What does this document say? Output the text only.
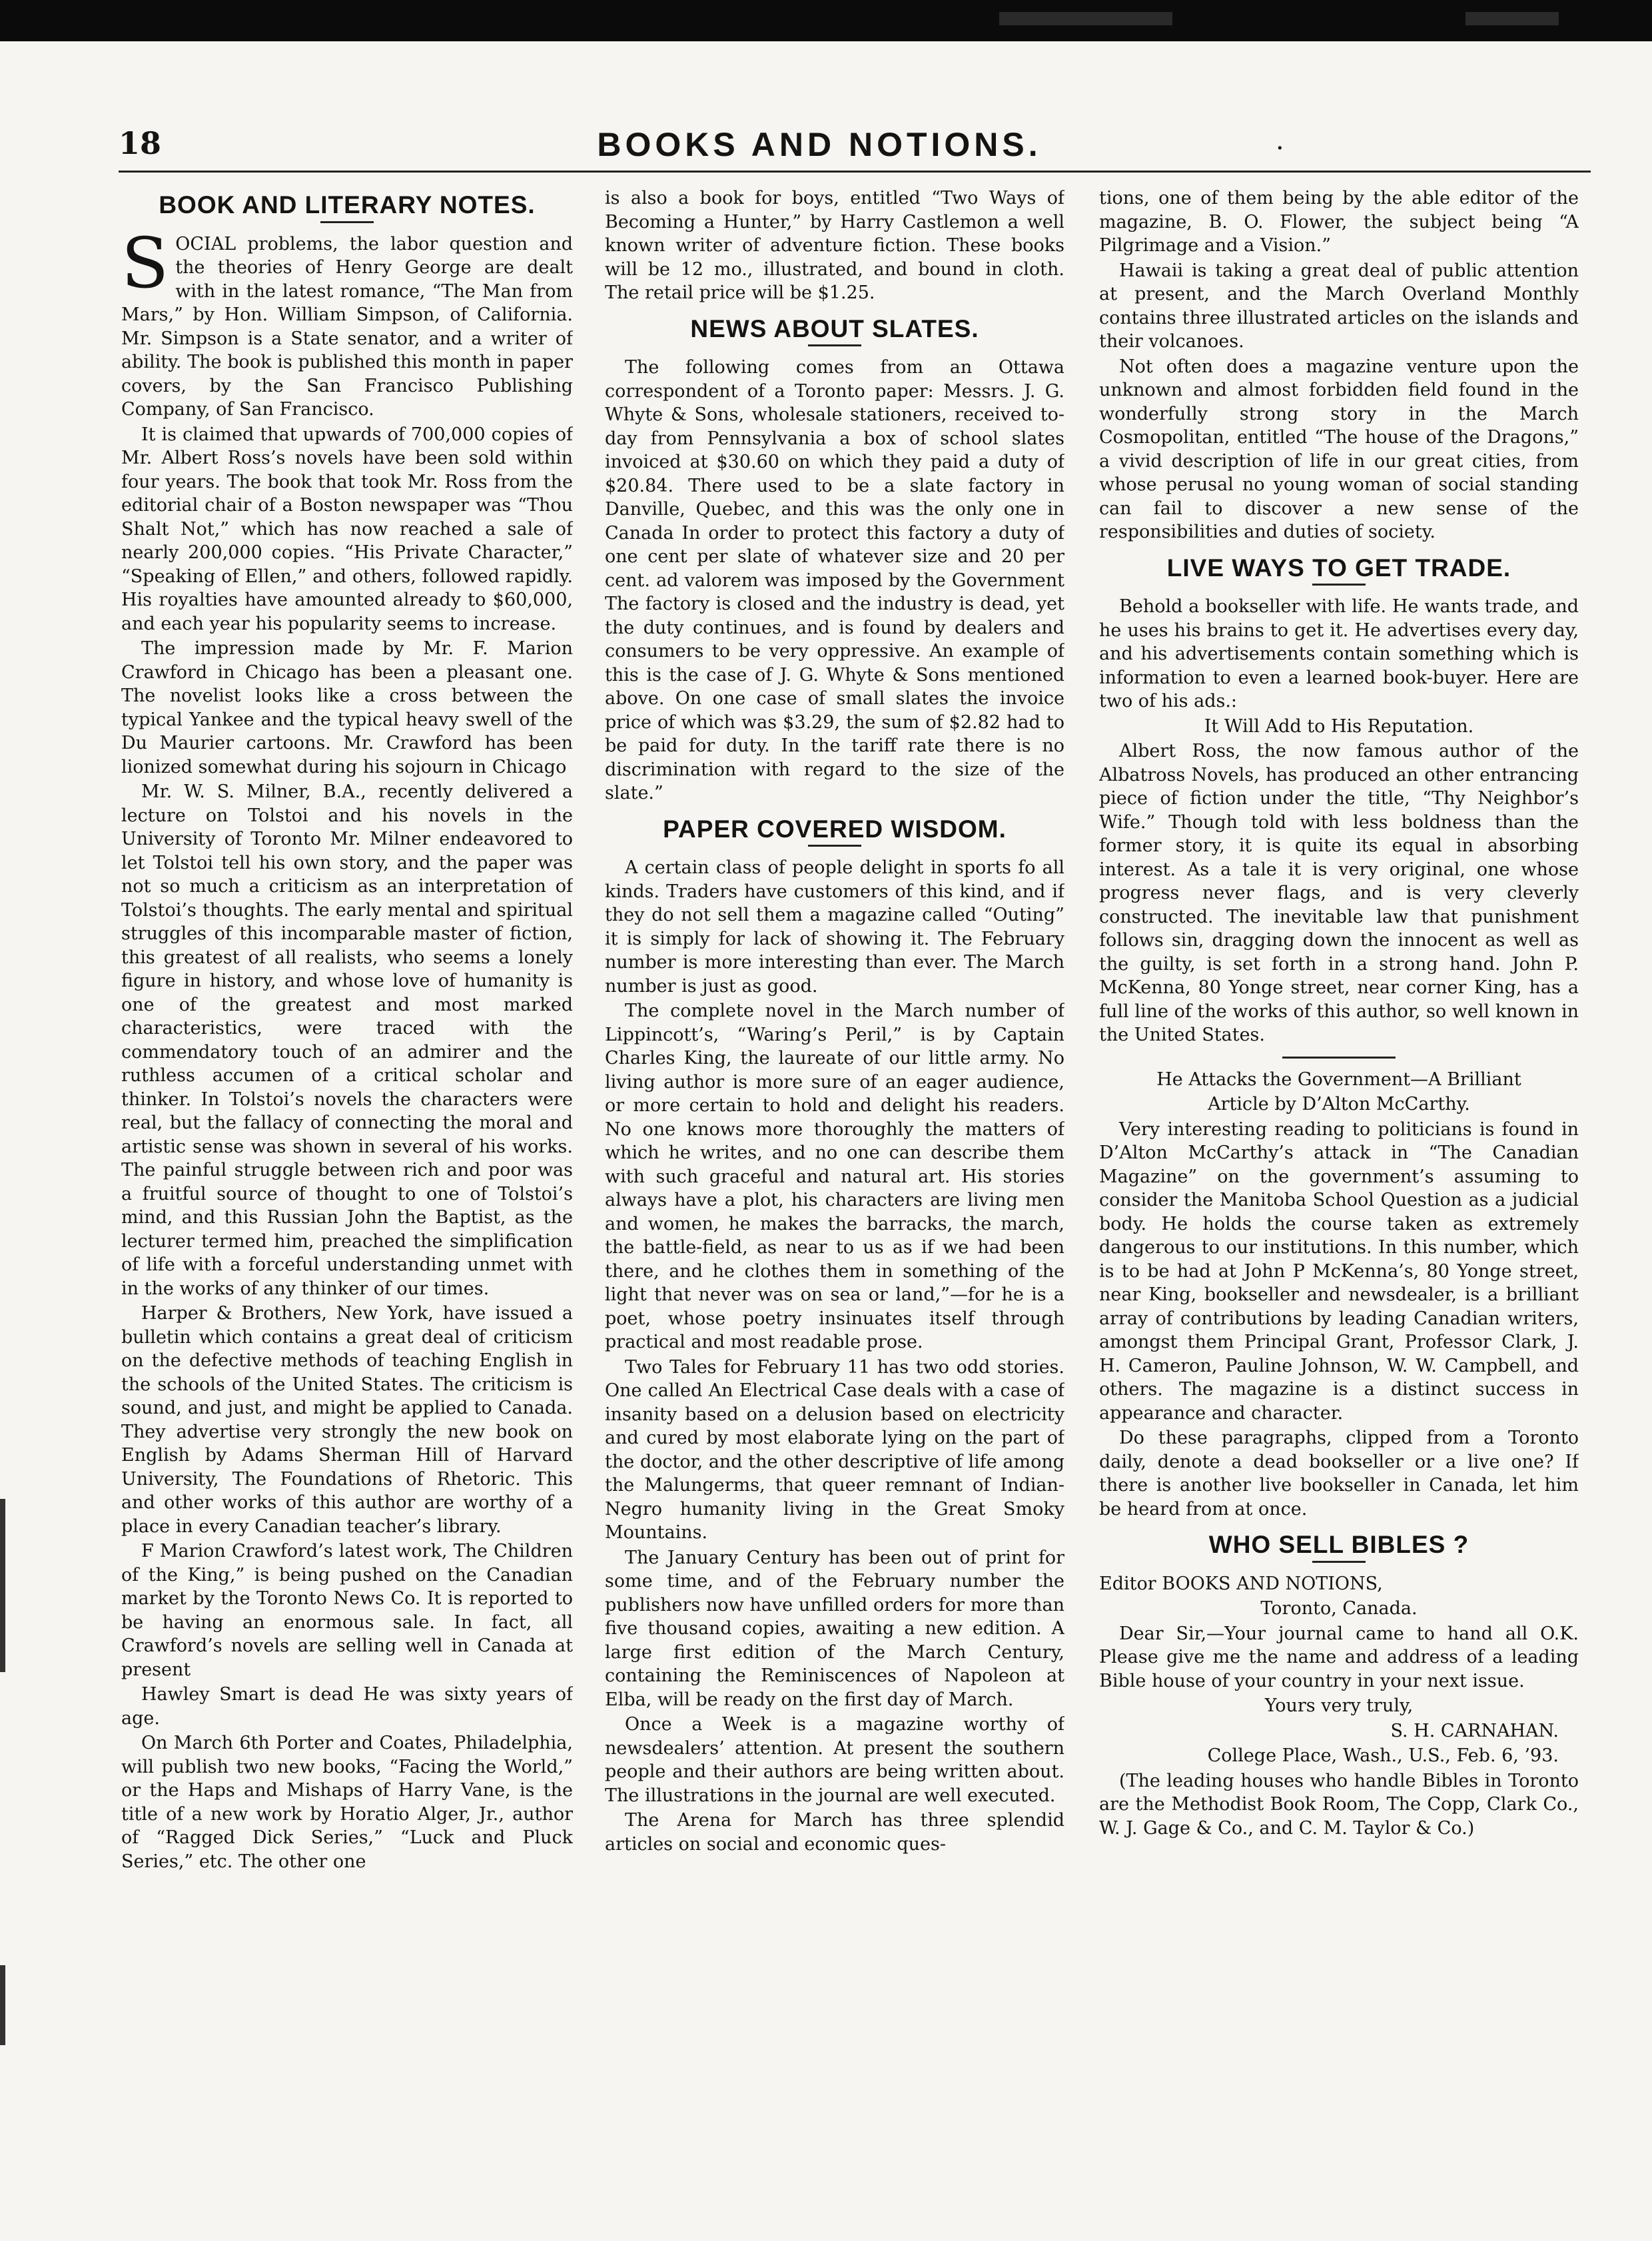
18	BOOKS AND NOTIONS.	·
BOOK AND LITERARY NOTES.

SOCIAL problems, the labor question and the theories of Henry George are dealt with in the latest romance, “The Man from Mars,” by Hon. William Simpson, of California. Mr. Simpson is a State senator, and a writer of ability. The book is published this month in paper covers, by the San Francisco Publishing Company, of San Francisco.

It is claimed that upwards of 700,000 copies of Mr. Albert Ross’s novels have been sold within four years. The book that took Mr. Ross from the editorial chair of a Boston newspaper was “Thou Shalt Not,” which has now reached a sale of nearly 200,000 copies. “His Private Character,” “Speaking of Ellen,” and others, followed rapidly. His royalties have amounted already to $60,000, and each year his popularity seems to increase.

The impression made by Mr. F. Marion Crawford in Chicago has been a pleasant one. The novelist looks like a cross between the typical Yankee and the typical heavy swell of the Du Maurier cartoons. Mr. Crawford has been lionized somewhat during his sojourn in Chicago

Mr. W. S. Milner, B.A., recently delivered a lecture on Tolstoi and his novels in the University of Toronto Mr. Milner endeavored to let Tolstoi tell his own story, and the paper was not so much a criticism as an interpretation of Tolstoi’s thoughts. The early mental and spiritual struggles of this incomparable master of fiction, this greatest of all realists, who seems a lonely figure in history, and whose love of humanity is one of the greatest and most marked characteristics, were traced with the commendatory touch of an admirer and the ruthless accumen of a critical scholar and thinker. In Tolstoi’s novels the characters were real, but the fallacy of connecting the moral and artistic sense was shown in several of his works. The painful struggle between rich and poor was a fruitful source of thought to one of Tolstoi’s mind, and this Russian John the Baptist, as the lecturer termed him, preached the simplification of life with a forceful understanding unmet with in the works of any thinker of our times.

Harper & Brothers, New York, have issued a bulletin which contains a great deal of criticism on the defective methods of teaching English in the schools of the United States. The criticism is sound, and just, and might be applied to Canada. They advertise very strongly the new book on English by Adams Sherman Hill of Harvard University, The Foundations of Rhetoric. This and other works of this author are worthy of a place in every Canadian teacher’s library.

F Marion Crawford’s latest work, The Children of the King,” is being pushed on the Canadian market by the Toronto News Co. It is reported to be having an enormous sale. In fact, all Crawford’s novels are selling well in Canada at present

Hawley Smart is dead He was sixty years of age.

On March 6th Porter and Coates, Philadelphia, will publish two new books, “Facing the World,” or the Haps and Mishaps of Harry Vane, is the title of a new work by Horatio Alger, Jr., author of “Ragged Dick Series,” “Luck and Pluck Series,” etc. The other one

is also a book for boys, entitled “Two Ways of Becoming a Hunter,” by Harry Castlemon a well known writer of adventure fiction. These books will be 12 mo., illustrated, and bound in cloth. The retail price will be $1.25.

NEWS ABOUT SLATES.

The following comes from an Ottawa correspondent of a Toronto paper: Messrs. J. G. Whyte & Sons, wholesale stationers, received to-day from Pennsylvania a box of school slates invoiced at $30.60 on which they paid a duty of $20.84. There used to be a slate factory in Danville, Quebec, and this was the only one in Canada In order to protect this factory a duty of one cent per slate of whatever size and 20 per cent. ad valorem was imposed by the Government The factory is closed and the industry is dead, yet the duty continues, and is found by dealers and consumers to be very oppressive. An example of this is the case of J. G. Whyte & Sons mentioned above. On one case of small slates the invoice price of which was $3.29, the sum of $2.82 had to be paid for duty. In the tariff rate there is no discrimination with regard to the size of the slate.”

PAPER COVERED WISDOM.

A certain class of people delight in sports fo all kinds. Traders have customers of this kind, and if they do not sell them a magazine called “Outing” it is simply for lack of showing it. The February number is more interesting than ever. The March number is just as good.

The complete novel in the March number of Lippincott’s, “Waring’s Peril,” is by Captain Charles King, the laureate of our little army. No living author is more sure of an eager audience, or more certain to hold and delight his readers. No one knows more thoroughly the matters of which he writes, and no one can describe them with such graceful and natural art. His stories always have a plot, his characters are living men and women, he makes the barracks, the march, the battle-field, as near to us as if we had been there, and he clothes them in something of the light that never was on sea or land,”—for he is a poet, whose poetry insinuates itself through practical and most readable prose.

Two Tales for February 11 has two odd stories. One called An Electrical Case deals with a case of insanity based on a delusion based on electricity and cured by most elaborate lying on the part of the doctor, and the other descriptive of life among the Malungerms, that queer remnant of Indian-Negro humanity living in the Great Smoky Mountains.

The January Century has been out of print for some time, and of the February number the publishers now have unfilled orders for more than five thousand copies, awaiting a new edition. A large first edition of the March Century, containing the Reminiscences of Napoleon at Elba, will be ready on the first day of March.

Once a Week is a magazine worthy of newsdealers’ attention. At present the southern people and their authors are being written about. The illustrations in the journal are well executed.

The Arena for March has three splendid articles on social and economic ques-

tions, one of them being by the able editor of the magazine, B. O. Flower, the subject being “A Pilgrimage and a Vision.”

Hawaii is taking a great deal of public attention at present, and the March Overland Monthly contains three illustrated articles on the islands and their volcanoes.

Not often does a magazine venture upon the unknown and almost forbidden field found in the wonderfully strong story in the March Cosmopolitan, entitled “The house of the Dragons,” a vivid description of life in our great cities, from whose perusal no young woman of social standing can fail to discover a new sense of the responsibilities and duties of society.

LIVE WAYS TO GET TRADE.

Behold a bookseller with life. He wants trade, and he uses his brains to get it. He advertises every day, and his advertisements contain something which is information to even a learned book-buyer. Here are two of his ads.:

It Will Add to His Reputation.

Albert Ross, the now famous author of the Albatross Novels, has produced an other entrancing piece of fiction under the title, “Thy Neighbor’s Wife.” Though told with less boldness than the former story, it is quite its equal in absorbing interest. As a tale it is very original, one whose progress never flags, and is very cleverly constructed. The inevitable law that punishment follows sin, dragging down the innocent as well as the guilty, is set forth in a strong hand. John P. McKenna, 80 Yonge street, near corner King, has a full line of the works of this author, so well known in the United States.

He Attacks the Government—A Brilliant

Article by D’Alton McCarthy.

Very interesting reading to politicians is found in D’Alton McCarthy’s attack in “The Canadian Magazine” on the government’s assuming to consider the Manitoba School Question as a judicial body. He holds the course taken as extremely dangerous to our institutions. In this number, which is to be had at John P McKenna’s, 80 Yonge street, near King, bookseller and newsdealer, is a brilliant array of contributions by leading Canadian writers, amongst them Principal Grant, Professor Clark, J. H. Cameron, Pauline Johnson, W. W. Campbell, and others. The magazine is a distinct success in appearance and character.

Do these paragraphs, clipped from a Toronto daily, denote a dead bookseller or a live one? If there is another live bookseller in Canada, let him be heard from at once.

WHO SELL BIBLES ?

Editor BOOKS AND NOTIONS,

Toronto, Canada.

Dear Sir,—Your journal came to hand all O.K. Please give me the name and address of a leading Bible house of your country in your next issue.

Yours very truly,

S. H. CARNAHAN.

College Place, Wash., U.S., Feb. 6, ’93.

(The leading houses who handle Bibles in Toronto are the Methodist Book Room, The Copp, Clark Co., W. J. Gage & Co., and C. M. Taylor & Co.)
